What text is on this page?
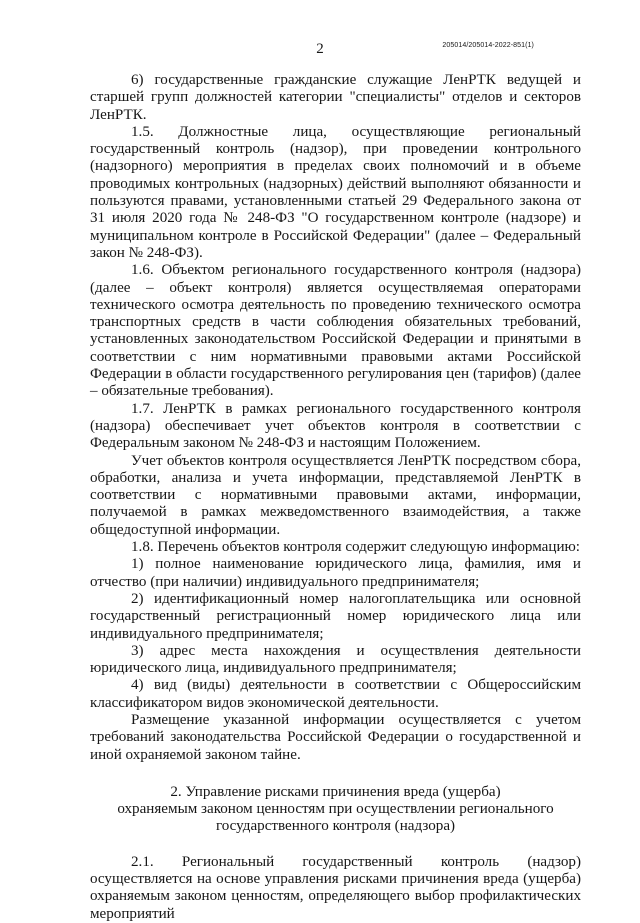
2	205014/205014-2022-851(1)

6) государственные гражданские служащие ЛенРТК ведущей и старшей групп должностей категории "специалисты" отделов и секторов ЛенРТК.

1.5. Должностные лица, осуществляющие региональный государственный контроль (надзор), при проведении контрольного (надзорного) мероприятия в пределах своих полномочий и в объеме проводимых контрольных (надзорных) действий выполняют обязанности и пользуются правами, установленными статьей 29 Федерального закона от 31 июля 2020 года № 248-ФЗ "О государственном контроле (надзоре) и муниципальном контроле в Российской Федерации" (далее – Федеральный закон № 248-ФЗ).

1.6. Объектом регионального государственного контроля (надзора) (далее – объект контроля) является осуществляемая операторами технического осмотра деятельность по проведению технического осмотра транспортных средств в части соблюдения обязательных требований, установленных законодательством Российской Федерации и принятыми в соответствии с ним нормативными правовыми актами Российской Федерации в области государственного регулирования цен (тарифов) (далее – обязательные требования).

1.7. ЛенРТК в рамках регионального государственного контроля (надзора) обеспечивает учет объектов контроля в соответствии с Федеральным законом № 248-ФЗ и настоящим Положением.

Учет объектов контроля осуществляется ЛенРТК посредством сбора, обработки, анализа и учета информации, представляемой ЛенРТК в соответствии с нормативными правовыми актами, информации, получаемой в рамках межведомственного взаимодействия, а также общедоступной информации.

1.8. Перечень объектов контроля содержит следующую информацию:

1) полное наименование юридического лица, фамилия, имя и отчество (при наличии) индивидуального предпринимателя;

2) идентификационный номер налогоплательщика или основной государственный регистрационный номер юридического лица или индивидуального предпринимателя;

3) адрес места нахождения и осуществления деятельности юридического лица, индивидуального предпринимателя;

4) вид (виды) деятельности в соответствии с Общероссийским классификатором видов экономической деятельности.

Размещение указанной информации осуществляется с учетом требований законодательства Российской Федерации о государственной и иной охраняемой законом тайне.

2. Управление рисками причинения вреда (ущерба)
охраняемым законом ценностям при осуществлении регионального
государственного контроля (надзора)

2.1. Региональный государственный контроль (надзор) осуществляется на основе управления рисками причинения вреда (ущерба) охраняемым законом ценностям, определяющего выбор профилактических мероприятий
